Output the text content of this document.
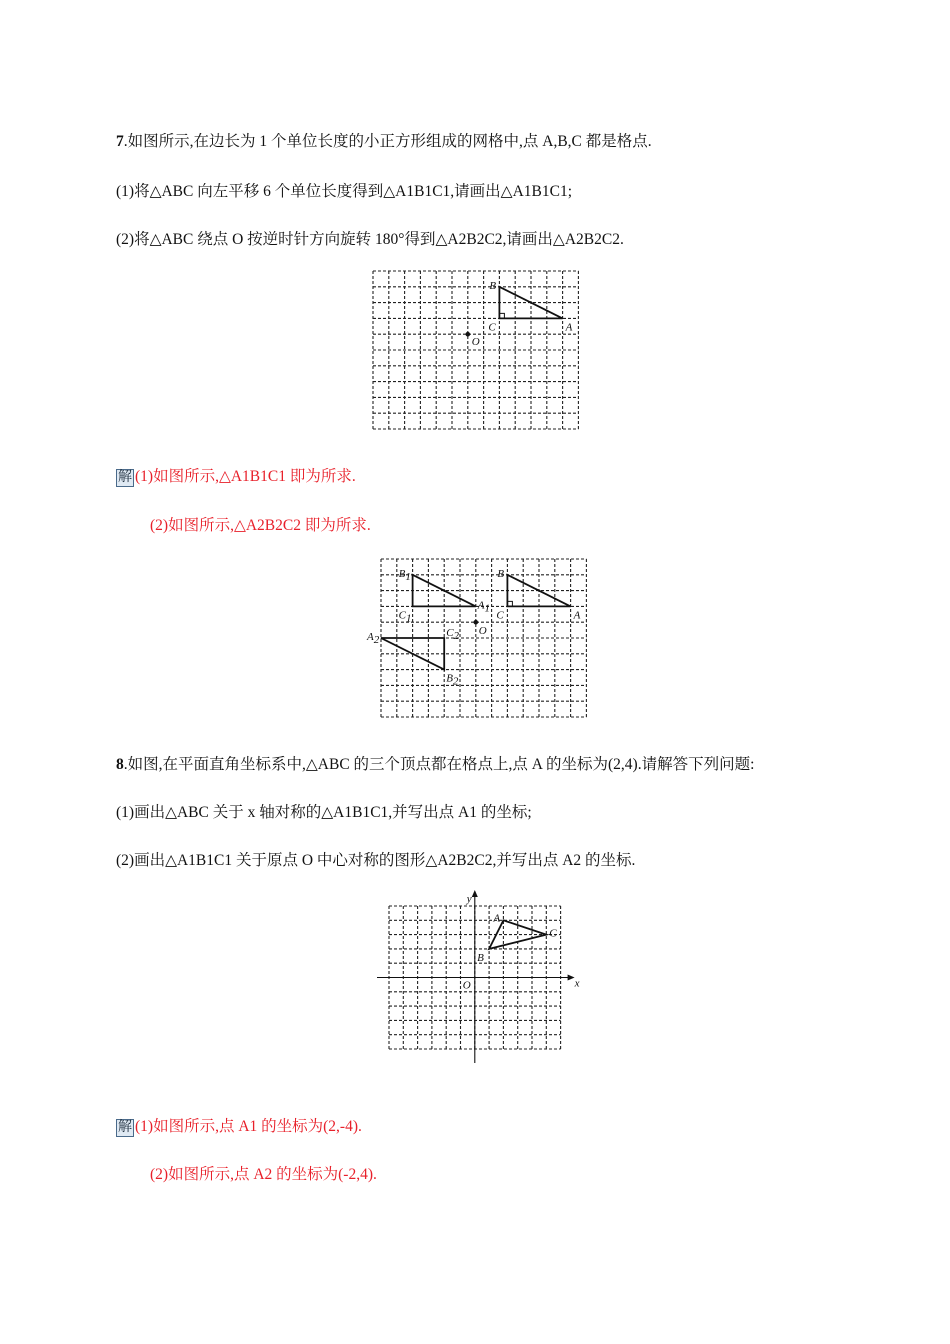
7.如图所示,在边长为 1 个单位长度的小正方形组成的网格中,点 A,B,C 都是格点.
(1)将△ABC 向左平移 6 个单位长度得到△A1B1C1,请画出△A1B1C1;
(2)将△ABC 绕点 O 按逆时针方向旋转 180°得到△A2B2C2,请画出△A2B2C2.
B
C	A
O
解 (1)如图所示,△A1B1C1 即为所求.
(2)如图所示,△A2B2C2 即为所求.
B
C	A
O
B1
C1
A1
A2
C2
B2
8.如图,在平面直角坐标系中,△ABC 的三个顶点都在格点上,点 A 的坐标为(2,4).请解答下列问题:
(1)画出△ABC 关于 x 轴对称的△A1B1C1,并写出点 A1 的坐标;
(2)画出△A1B1C1 关于原点 O 中心对称的图形△A2B2C2,并写出点 A2 的坐标.
y
x
O
A
B
C
解 (1)如图所示,点 A1 的坐标为(2,-4).
(2)如图所示,点 A2 的坐标为(-2,4).
